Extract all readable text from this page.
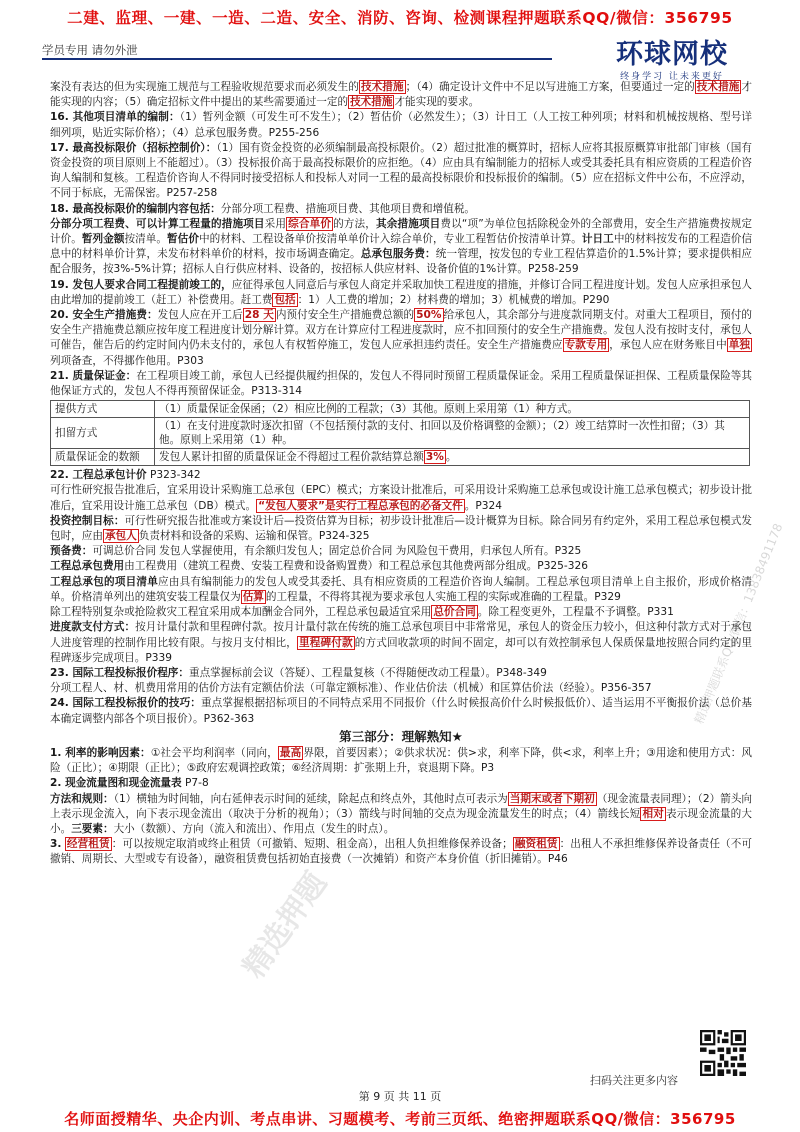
二建、监理、一建、一造、二造、安全、消防、咨询、检测课程押题联系QQ/微信：356795
学员专用 请勿外泄	环球网校
终身学习 让未来更好
精选押题
精选押题联系QQ/微信：13838491178

案没有表达的但为实现施工规范与工程验收规范要求而必须发生的 技术措施 ；（4）确定设计文件中不足以写进施工方案，但要通过一定的 技术措施 才能实现的内容；（5）确定招标文件中提出的某些需要通过一定的 技术措施 才能实现的要求。

16. 其他项目清单的编制：（1）暂列金额（可发生可不发生）；（2）暂估价（必然发生）；（3）计日工（人工按工种列项；材料和机械按规格、型号详细列项，贴近实际价格）；（4）总承包服务费。P255-256

17. 最高投标限价（招标控制价）：（1）国有资金投资的必须编制最高投标限价。（2）超过批准的概算时，招标人应将其报原概算审批部门审核（国有资金投资的项目原则上不能超过）。（3）投标报价高于最高投标限价的应拒绝。（4）应由具有编制能力的招标人或受其委托具有相应资质的工程造价咨询人编制和复核。工程造价咨询人不得同时接受招标人和投标人对同一工程的最高投标限价和投标报价的编制。（5）应在招标文件中公布，不应浮动，不同于标底，无需保密。P257-258

18. 最高投标限价的编制内容包括：分部分项工程费、措施项目费、其他项目费和增值税。

分部分项工程费、可以计算工程量的措施项目采用 综合单价 的方法，其余措施项目费以“项”为单位包括除税金外的全部费用，安全生产措施费按规定计价。暂列金额按清单。暂估价中的材料、工程设备单价按清单单价计入综合单价，专业工程暂估价按清单计算。计日工中的材料按发布的工程造价信息中的材料单价计算，未发布材料单价的材料，按市场调查确定。总承包服务费：统一管理，按发包的专业工程估算造价的1.5%计算；要求提供相应配合服务，按3%-5%计算；招标人自行供应材料、设备的，按招标人供应材料、设备价值的1%计算。P258-259

19. 发包人要求合同工程提前竣工的，应征得承包人同意后与承包人商定并采取加快工程进度的措施，并修订合同工程进度计划。发包人应承担承包人由此增加的提前竣工（赶工）补偿费用。赶工费 包括 ：1）人工费的增加；2）材料费的增加；3）机械费的增加。P290

20. 安全生产措施费：发包人应在开工后 28 天 内预付安全生产措施费总额的 50% 给承包人，其余部分与进度款同期支付。对重大工程项目，预付的安全生产措施费总额应按年度工程进度计划分解计算。双方在计算应付工程进度款时，应不扣回预付的安全生产措施费。发包人没有按时支付，承包人可催告，催告后的约定时间内仍未支付的，承包人有权暂停施工，发包人应承担违约责任。安全生产措施费应 专款专用 ，承包人应在财务账目中 单独列项备查，不得挪作他用。P303

21. 质量保证金：在工程项目竣工前，承包人已经提供履约担保的，发包人不得同时预留工程质量保证金。采用工程质量保证担保、工程质量保险等其他保证方式的，发包人不得再预留保证金。P313-314

提供方式	（1）质量保证金保函；（2）相应比例的工程款；（3）其他。原则上采用第（1）种方式。
扣留方式	（1）在支付进度款时逐次扣留（不包括预付款的支付、扣回以及价格调整的金额）；（2）竣工结算时一次性扣留；（3）其他。原则上采用第（1）种。
质量保证金的数额	发包人累计扣留的质量保证金不得超过工程价款结算总额 3% 。

22. 工程总承包计价 P323-342

可行性研究报告批准后，宜采用设计采购施工总承包（EPC）模式；方案设计批准后，可采用设计采购施工总承包或设计施工总承包模式；初步设计批准后，宜采用设计施工总承包（DB）模式。 “发包人要求”是实行工程总承包的必备文件 。P324

投资控制目标：可行性研究报告批准或方案设计后—投资估算为目标；初步设计批准后—设计概算为目标。除合同另有约定外，采用工程总承包模式发包时，应由 承包人 负责材料和设备的采购、运输和保管。P324-325

预备费：可调总价合同 发包人掌握使用，有余额归发包人；固定总价合同 为风险包干费用，归承包人所有。P325

工程总承包费用由工程费用（建筑工程费、安装工程费和设备购置费）和工程总承包其他费两部分组成。P325-326

工程总承包的项目清单应由具有编制能力的发包人或受其委托、具有相应资质的工程造价咨询人编制。工程总承包项目清单上自主报价，形成价格清单。价格清单列出的建筑安装工程量仅为 估算 的工程量，不得将其视为要求承包人实施工程的实际或准确的工程量。P329

除工程特别复杂或抢险救灾工程宜采用成本加酬金合同外，工程总承包最适宜采用 总价合同 。除工程变更外，工程量不予调整。P331

进度款支付方式：按月计量付款和里程碑付款。按月计量付款在传统的施工总承包项目中非常常见，承包人的资金压力较小，但这种付款方式对于承包人进度管理的控制作用比较有限。与按月支付相比， 里程碑付款 的方式回收款项的时间不固定，却可以有效控制承包人保质保量地按照合同约定的里程碑逐步完成项目。P339

23. 国际工程投标报价程序：重点掌握标前会议（答疑）、工程量复核（不得随便改动工程量）。P348-349

分项工程人、材、机费用常用的估价方法有定额估价法（可靠定额标准）、作业估价法（机械）和匡算估价法（经验）。P356-357

24. 国际工程投标报价的技巧：重点掌握根据招标项目的不同特点采用不同报价（什么时候报高价什么时候报低价）、适当运用不平衡报价法（总价基本确定调整内部各个项目报价）。P362-363

第三部分：理解熟知★

1. 利率的影响因素：①社会平均利润率（同向， 最高 界限，首要因素）；②供求状况：供>求，利率下降，供<求，利率上升；③用途和使用方式：风险（正比）；④期限（正比）；⑤政府宏观调控政策；⑥经济周期：扩张期上升，衰退期下降。P3

2. 现金流量图和现金流量表 P7-8

方法和规则：（1）横轴为时间轴，向右延伸表示时间的延续，除起点和终点外，其他时点可表示为 当期末或者下期初 （现金流量表同理）；（2）箭头向上表示现金流入，向下表示现金流出（取决于分析的视角）；（3）箭线与时间轴的交点为现金流量发生的时点；（4）箭线长短 相对 表示现金流量的大小。三要素：大小（数额）、方向（流入和流出）、作用点（发生的时点）。

3. 经营租赁 ：可以按规定取消或终止租赁（可撤销、短期、租金高），出租人负担维修保养设备； 融资租赁 ：出租人不承担维修保养设备责任（不可撤销、周期长、大型或专有设备），融资租赁费包括初始直接费（一次摊销）和资产本身价值（折旧摊销）。P46

扫码关注更多内容
第 9 页 共 11 页
名师面授精华、央企内训、考点串讲、习题模考、考前三页纸、绝密押题联系QQ/微信：356795
